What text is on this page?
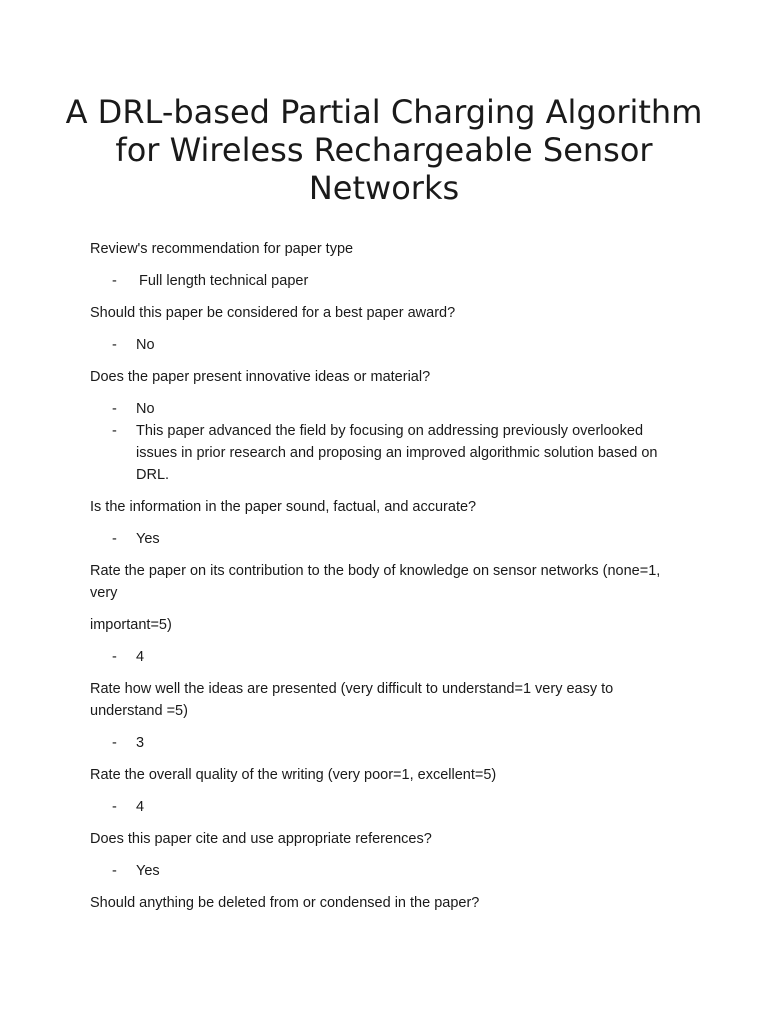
A DRL-based Partial Charging Algorithm for Wireless Rechargeable Sensor Networks

Review's recommendation for paper type

- Full length technical paper

Should this paper be considered for a best paper award?

- No

Does the paper present innovative ideas or material?

- No
- This paper advanced the field by focusing on addressing previously overlooked issues in prior research and proposing an improved algorithmic solution based on DRL.

Is the information in the paper sound, factual, and accurate?

- Yes

Rate the paper on its contribution to the body of knowledge on sensor networks (none=1, very

important=5)

- 4

Rate how well the ideas are presented (very difficult to understand=1 very easy to understand =5)

- 3

Rate the overall quality of the writing (very poor=1, excellent=5)

- 4

Does this paper cite and use appropriate references?

- Yes

Should anything be deleted from or condensed in the paper?
